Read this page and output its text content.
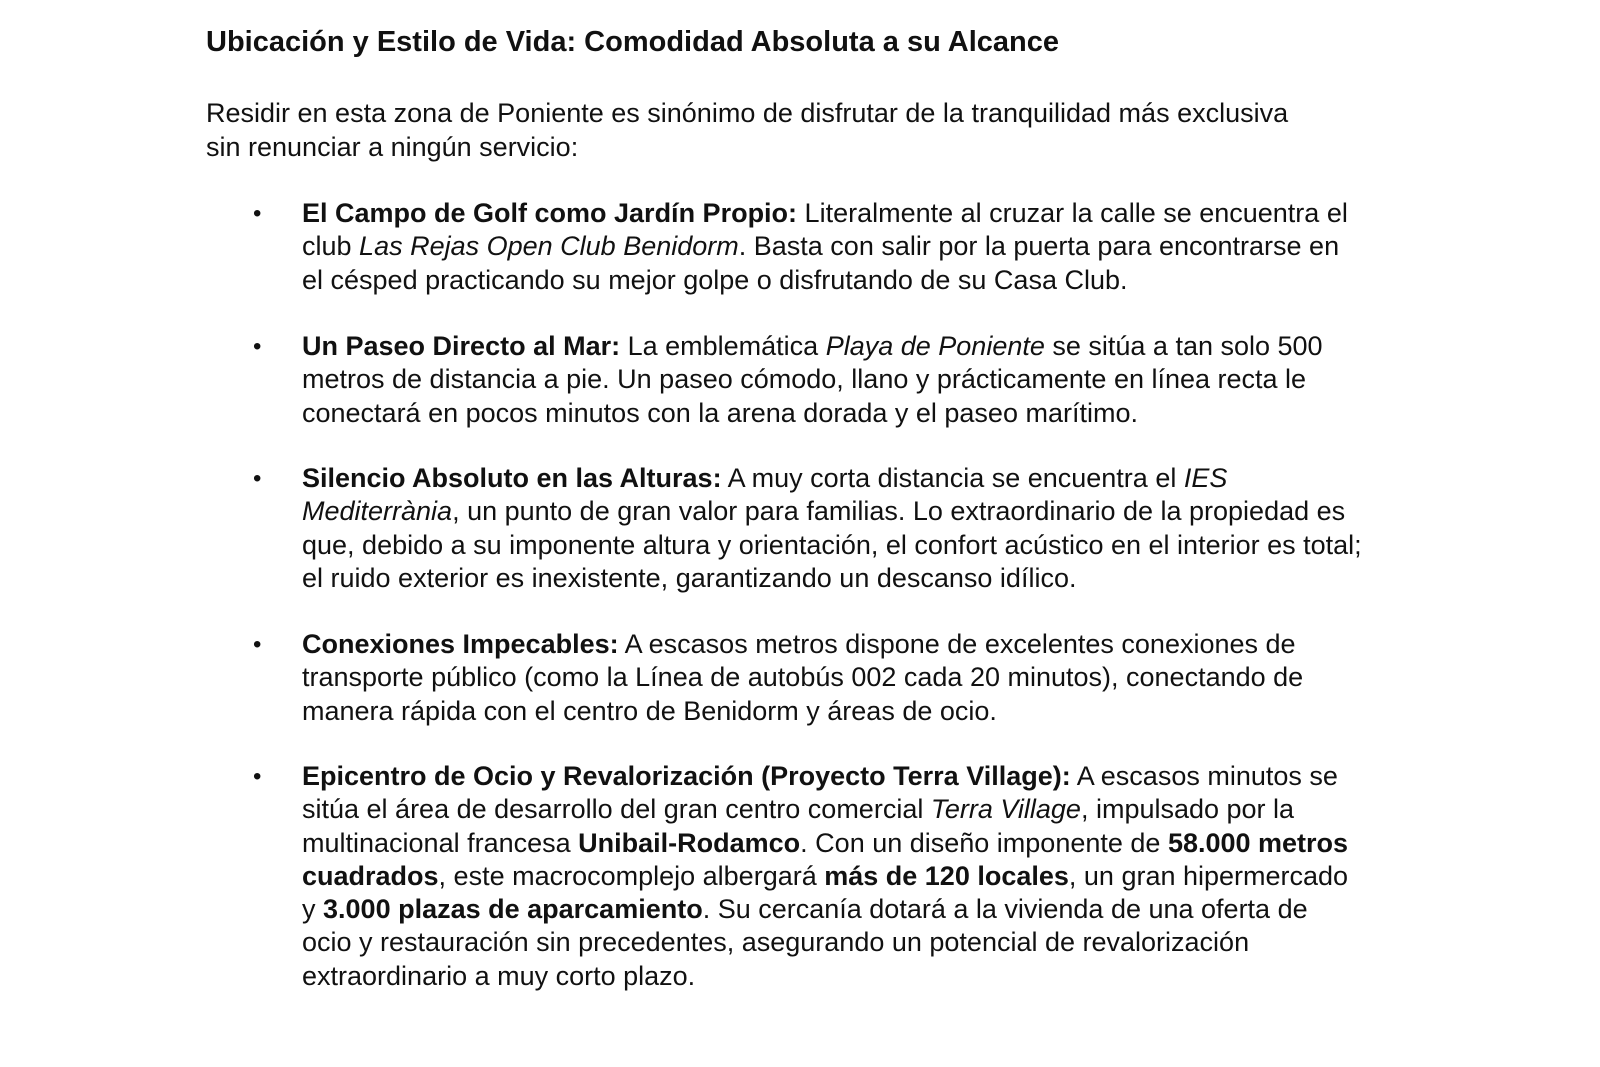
Ubicación y Estilo de Vida: Comodidad Absoluta a su Alcance

Residir en esta zona de Poniente es sinónimo de disfrutar de la tranquilidad más exclusiva sin renunciar a ningún servicio:

•	El Campo de Golf como Jardín Propio: Literalmente al cruzar la calle se encuentra el club Las Rejas Open Club Benidorm. Basta con salir por la puerta para encontrarse en el césped practicando su mejor golpe o disfrutando de su Casa Club.

•	Un Paseo Directo al Mar: La emblemática Playa de Poniente se sitúa a tan solo 500 metros de distancia a pie. Un paseo cómodo, llano y prácticamente en línea recta le conectará en pocos minutos con la arena dorada y el paseo marítimo.

•	Silencio Absoluto en las Alturas: A muy corta distancia se encuentra el IES Mediterrània, un punto de gran valor para familias. Lo extraordinario de la propiedad es que, debido a su imponente altura y orientación, el confort acústico en el interior es total; el ruido exterior es inexistente, garantizando un descanso idílico.

•	Conexiones Impecables: A escasos metros dispone de excelentes conexiones de transporte público (como la Línea de autobús 002 cada 20 minutos), conectando de manera rápida con el centro de Benidorm y áreas de ocio.

•	Epicentro de Ocio y Revalorización (Proyecto Terra Village): A escasos minutos se sitúa el área de desarrollo del gran centro comercial Terra Village, impulsado por la multinacional francesa Unibail-Rodamco. Con un diseño imponente de 58.000 metros cuadrados, este macrocomplejo albergará más de 120 locales, un gran hipermercado y 3.000 plazas de aparcamiento. Su cercanía dotará a la vivienda de una oferta de ocio y restauración sin precedentes, asegurando un potencial de revalorización extraordinario a muy corto plazo.
